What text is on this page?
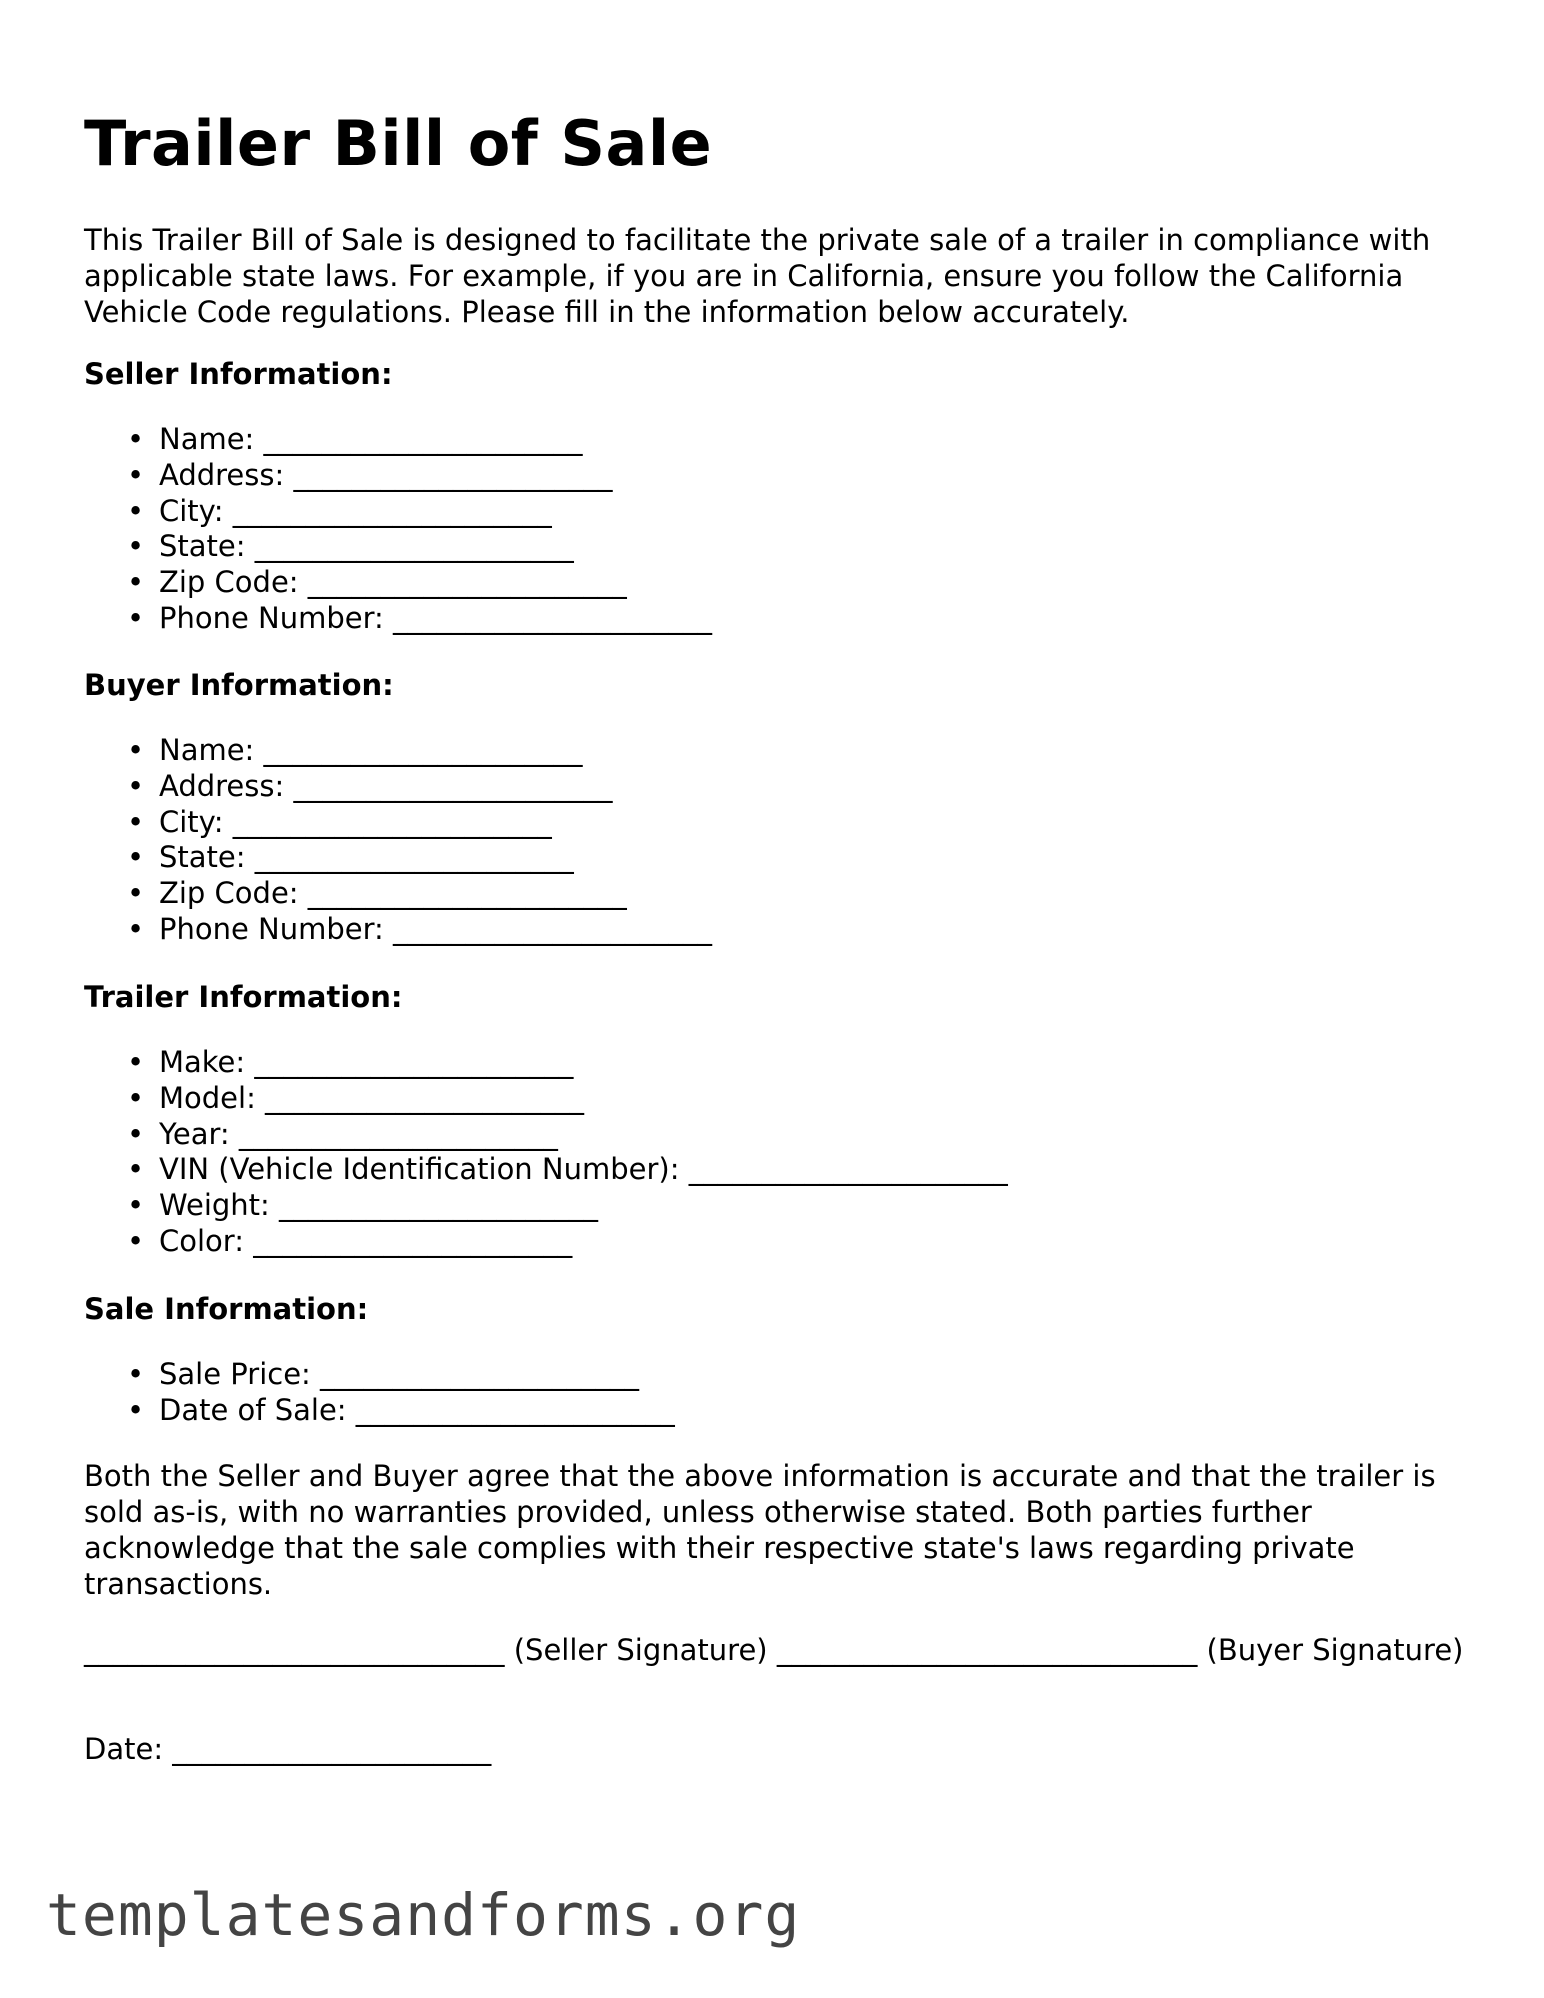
Trailer Bill of Sale

This Trailer Bill of Sale is designed to facilitate the private sale of a trailer in compliance with applicable state laws. For example, if you are in California, ensure you follow the California Vehicle Code regulations. Please fill in the information below accurately.

Seller Information:
• Name: ______________________
• Address: ______________________
• City: ______________________
• State: ______________________
• Zip Code: ______________________
• Phone Number: ______________________
Buyer Information:
• Name: ______________________
• Address: ______________________
• City: ______________________
• State: ______________________
• Zip Code: ______________________
• Phone Number: ______________________
Trailer Information:
• Make: ______________________
• Model: ______________________
• Year: ______________________
• VIN (Vehicle Identification Number): ______________________
• Weight: ______________________
• Color: ______________________
Sale Information:
• Sale Price: ______________________
• Date of Sale: ______________________

Both the Seller and Buyer agree that the above information is accurate and that the trailer is sold as-is, with no warranties provided, unless otherwise stated. Both parties further acknowledge that the sale complies with their respective state's laws regarding private transactions.

_____________________________ (Seller Signature) _____________________________ (Buyer Signature)

Date: ______________________

templatesandforms.org
